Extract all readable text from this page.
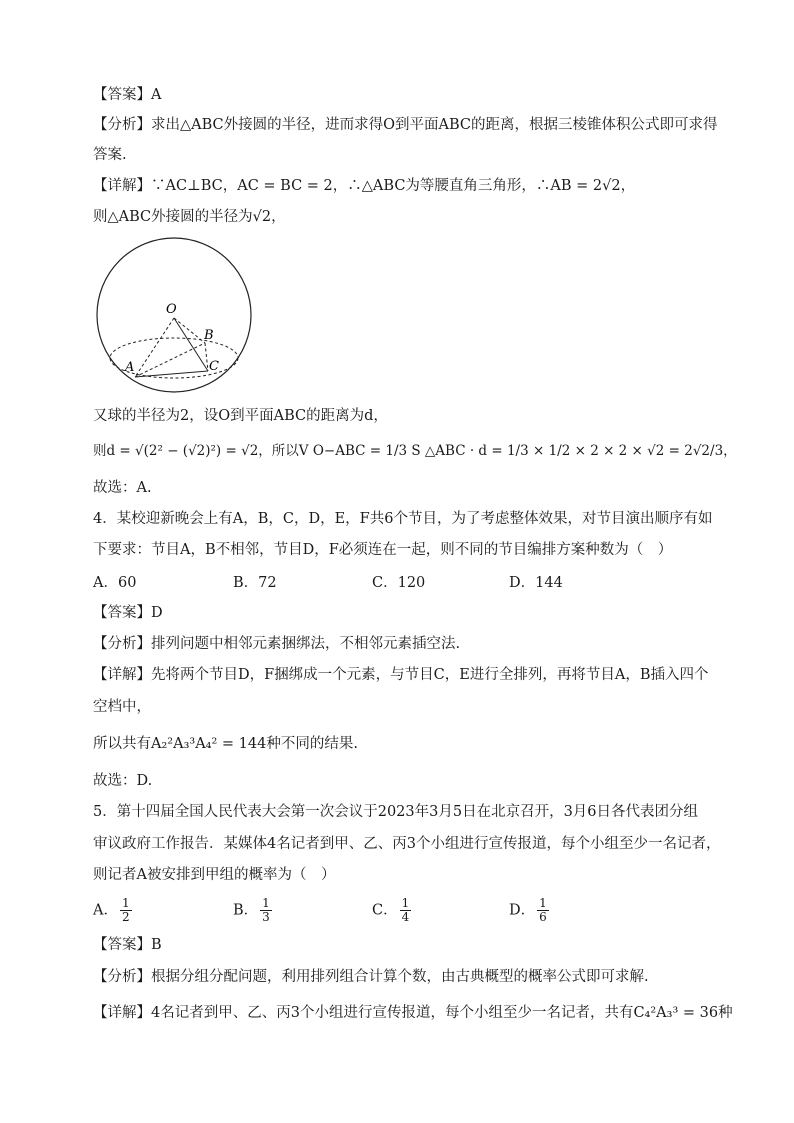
【答案】A
【分析】求出△ABC外接圆的半径，进而求得O到平面ABC的距离，根据三棱锥体积公式即可求得
答案.
【详解】∵AC⊥BC，AC = BC = 2，∴△ABC为等腰直角三角形，∴AB = 2√2，
则△ABC外接圆的半径为√2，
O
B
A	C
又球的半径为2，设O到平面ABC的距离为d，
则d = √(2² − (√2)²) = √2，所以V O−ABC = 1/3 S △ABC · d = 1/3 × 1/2 × 2 × 2 × √2 = 2√2/3，
故选：A.
4．某校迎新晚会上有A，B，C，D，E，F共6个节目，为了考虑整体效果，对节目演出顺序有如
下要求：节目A，B不相邻，节目D，F必须连在一起，则不同的节目编排方案种数为（　）
A．60	B．72	C．120	D．144
【答案】D
【分析】排列问题中相邻元素捆绑法，不相邻元素插空法.
【详解】先将两个节目D，F捆绑成一个元素，与节目C，E进行全排列，再将节目A，B插入四个
空档中，
所以共有A₂²A₃³A₄² = 144种不同的结果.
故选：D.
5．第十四届全国人民代表大会第一次会议于2023年3月5日在北京召开，3月6日各代表团分组
审议政府工作报告．某媒体4名记者到甲、乙、丙3个小组进行宣传报道，每个小组至少一名记者，
则记者A被安排到甲组的概率为（　）
A． $\frac{1}{2}$	B． $\frac{1}{3}$	C． $\frac{1}{4}$	D． $\frac{1}{6}$
【答案】B
【分析】根据分组分配问题，利用排列组合计算个数，由古典概型的概率公式即可求解.
【详解】4名记者到甲、乙、丙3个小组进行宣传报道，每个小组至少一名记者，共有C₄²A₃³ = 36种
